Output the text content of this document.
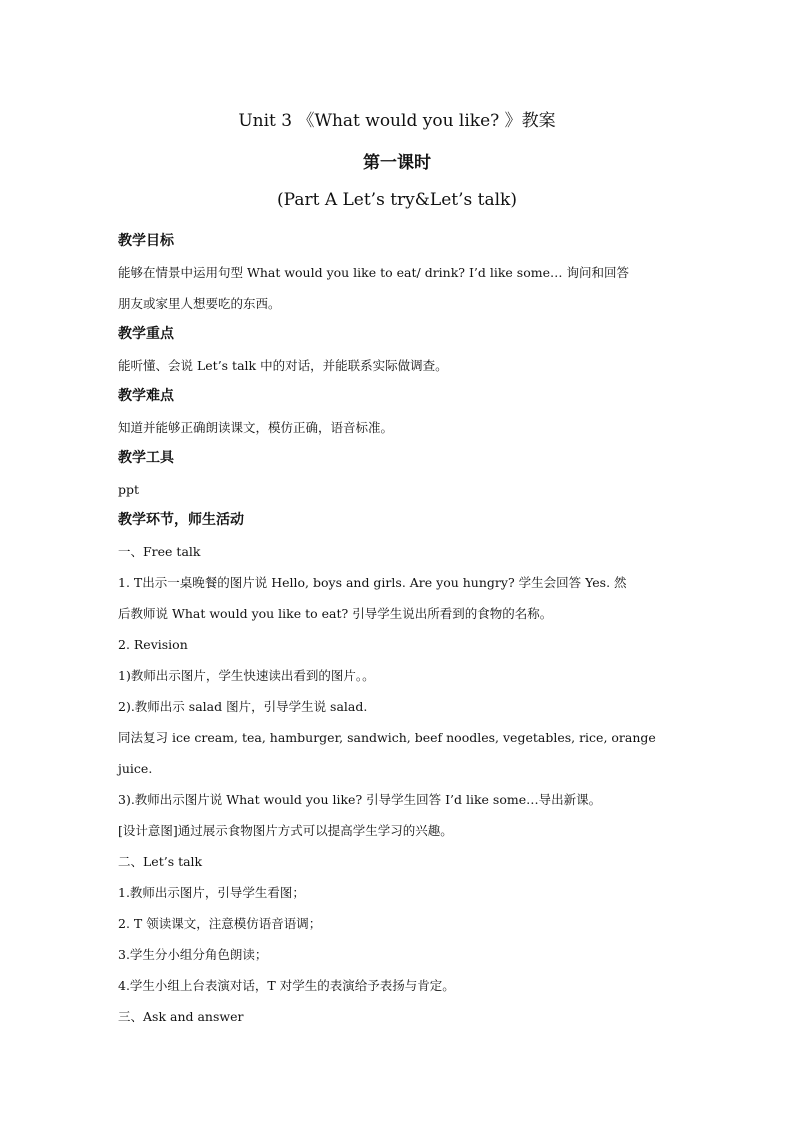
Unit 3 《What would you like? 》教案
第一课时
(Part A Let’s try&Let’s talk)
教学目标
能够在情景中运用句型 What would you like to eat/ drink? I’d like some… 询问和回答
朋友或家里人想要吃的东西。
教学重点
能听懂、会说 Let’s talk 中的对话，并能联系实际做调查。
教学难点
知道并能够正确朗读课文，模仿正确，语音标准。
教学工具
ppt
教学环节，师生活动
一、Free talk
1. T出示一桌晚餐的图片说 Hello, boys and girls. Are you hungry? 学生会回答 Yes. 然
后教师说 What would you like to eat? 引导学生说出所看到的食物的名称。
2. Revision
1)教师出示图片，学生快速读出看到的图片。。
2).教师出示 salad 图片，引导学生说 salad.
同法复习 ice cream, tea, hamburger, sandwich, beef noodles, vegetables, rice, orange
juice.
3).教师出示图片说 What would you like? 引导学生回答 I’d like some…导出新课。
[设计意图]通过展示食物图片方式可以提高学生学习的兴趣。
二、Let’s talk
1.教师出示图片，引导学生看图；
2. T 领读课文，注意模仿语音语调；
3.学生分小组分角色朗读；
4.学生小组上台表演对话，T 对学生的表演给予表扬与肯定。
三、Ask and answer
